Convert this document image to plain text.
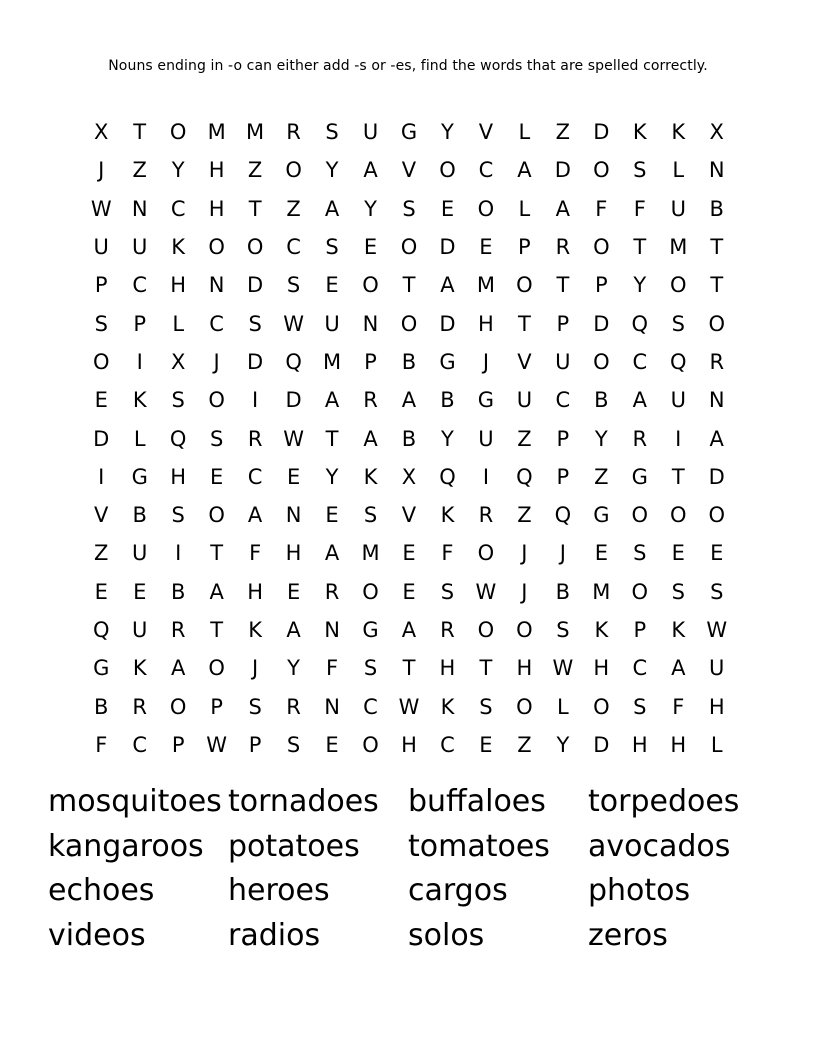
Nouns ending in -o can either add -s or -es, find the words that are spelled correctly.
X	T	O	M M	R	S	U	G	Y	V	L	Z	D	K	K	X
J	Z	Y	H	Z	O	Y	A	V	O	C	A	D	O	S	L	N
W N	C	H	T	Z	A	Y	S	E	O	L	A	F	F	U	B
U	U	K	O	O	C	S	E	O	D	E	P	R	O	T	M	T
P	C	H	N	D	S	E	O	T	A	M	O	T	P	Y	O	T
S	P	L	C	S	W U	N	O	D	H	T	P	D	Q	S	O
O	I	X	J	D	Q	M	P	B	G	J	V	U	O	C	Q	R
E	K	S	O	I	D	A	R	A	B	G	U	C	B	A	U	N
D	L	Q	S	R W	T	A	B	Y	U	Z	P	Y	R	I	A
I	G	H	E	C	E	Y	K	X	Q	I	Q	P	Z	G	T	D
V	B	S	O	A	N	E	S	V	K	R	Z	Q	G	O	O	O
Z	U	I	T	F	H	A	M	E	F	O	J	J	E	S	E	E
E	E	B	A	H	E	R	O	E	S	W	J	B	M	O	S	S
Q	U	R	T	K	A	N	G	A	R	O	O	S	K	P	K	W
G	K	A	O	J	Y	F	S	T	H	T	H W H	C	A	U
B	R	O	P	S	R	N	C W	K	S	O	L	O	S	F	H
F	C	P	W	P	S	E	O	H	C	E	Z	Y	D	H	H	L
mosquitoes tornadoes buffaloes	torpedoes
kangaroos potatoes	tomatoes	avocados
echoes	heroes	cargos	photos
videos	radios	solos	zeros
